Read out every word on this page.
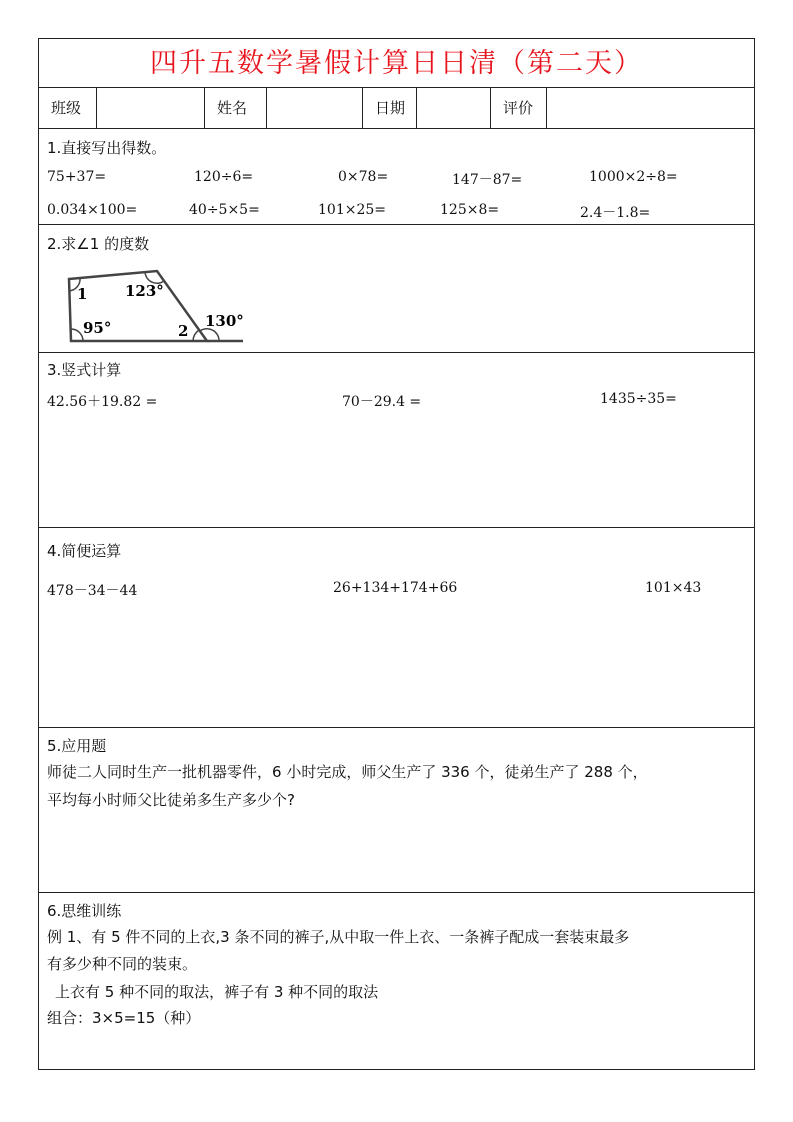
四升五数学暑假计算日日清（第二天）
班级	姓名	日期	评价
1.直接写出得数。
75+37=	120÷6=	0×78=	147－87=	1000×2÷8=
0.034×100=	40÷5×5=	101×25=	125×8=	2.4－1.8=
2.求∠1 的度数
1	123°
95°	2
130°
3.竖式计算
42.56＋19.82 =	70－29.4 =	1435÷35=
4.简便运算
478－34－44	26+134+174+66	101×43
5.应用题
师徒二人同时生产一批机器零件，6 小时完成，师父生产了 336 个，徒弟生产了 288 个，
平均每小时师父比徒弟多生产多少个?
6.思维训练
例 1、有 5 件不同的上衣,3 条不同的裤子,从中取一件上衣、一条裤子配成一套装束最多
有多少种不同的装束。
上衣有 5 种不同的取法，裤子有 3 种不同的取法
组合：3×5=15（种）
